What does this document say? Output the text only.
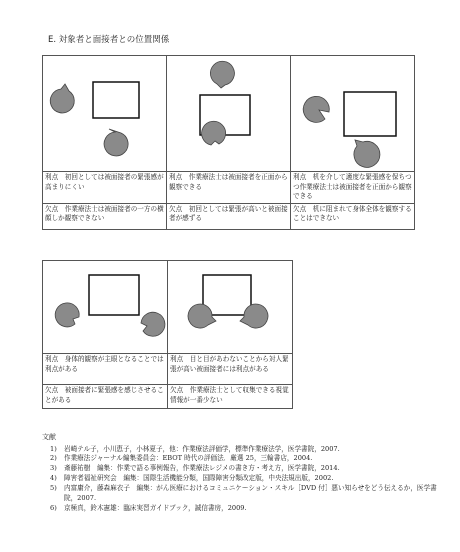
E. 対象者と面接者との位置関係

利点　初回としては被面接者の緊張感が高まりにくい	利点　作業療法士は被面接者を正面から観察できる	利点　机を介して適度な緊張感を保ちつつ作業療法士は被面接者を正面から観察できる
欠点　作業療法士は被面接者の一方の横顔しか観察できない	欠点　初回としては緊張が高いと被面接者が感ずる	欠点　机に阻まれて身体全体を観察することはできない

利点　身体的観察が主眼となることでは利点がある	利点　目と目があわないことから対人緊張が高い被面接者には利点がある
欠点　被面接者に緊張感を感じさせることがある	欠点　作業療法士として収集できる視覚情報が一番少ない
文献
1)	岩崎テル子，小川恵子，小林夏子，他：作業療法評価学，標準作業療法学，医学書院，2007.
2)	作業療法ジャーナル編集委員会：EBOT 時代の評価法．厳選 25，三輪書店，2004.
3)	斎藤祐樹　編集：作業で語る事例報告，作業療法レジメの書き方・考え方，医学書院，2014.
4)	障害者福祉研究会　編集：国際生活機能分類，国際障害分類改定版，中央法規出版，2002.
5)	内富庸介，藤森麻衣子　編集：がん医療におけるコミュニケーション・スキル［DVD 付］悪い知らせをどう伝えるか，医学書院，2007.
6)	京極真，鈴木憲雄：臨床実習ガイドブック，誠信書房，2009.
